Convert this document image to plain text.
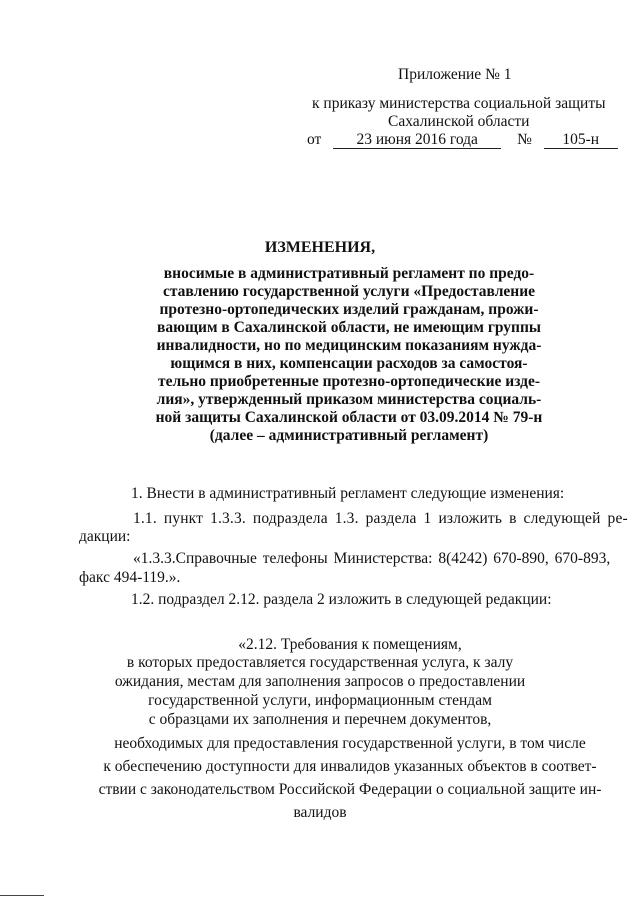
Приложение № 1
к приказу министерства социальной защиты
Сахалинской области
от 23 июня 2016 года	№ 105-н
ИЗМЕНЕНИЯ,
вносимые в административный регламент по предо-
ставлению государственной услуги «Предоставление
протезно-ортопедических изделий гражданам, прожи-
вающим в Сахалинской области, не имеющим группы
инвалидности, но по медицинским показаниям нужда-
ющимся в них, компенсации расходов за самостоя-
тельно приобретенные протезно-ортопедические изде-
лия», утвержденный приказом министерства социаль-
ной защиты Сахалинской области от 03.09.2014 № 79-н
(далее – административный регламент)
1. Внести в административный регламент следующие изменения:
1.1. пункт 1.3.3. подраздела 1.3. раздела 1 изложить в следующей ре-
дакции:
«1.3.3.Справочные телефоны Министерства: 8(4242) 670-890, 670-893,
факс 494-119.».
1.2. подраздел 2.12. раздела 2 изложить в следующей редакции:
«2.12. Требования к помещениям,
в которых предоставляется государственная услуга, к залу
ожидания, местам для заполнения запросов о предоставлении
государственной услуги, информационным стендам
с образцами их заполнения и перечнем документов,
необходимых для предоставления государственной услуги, в том числе
к обеспечению доступности для инвалидов указанных объектов в соответ-
ствии с законодательством Российской Федерации о социальной защите ин-
валидов
